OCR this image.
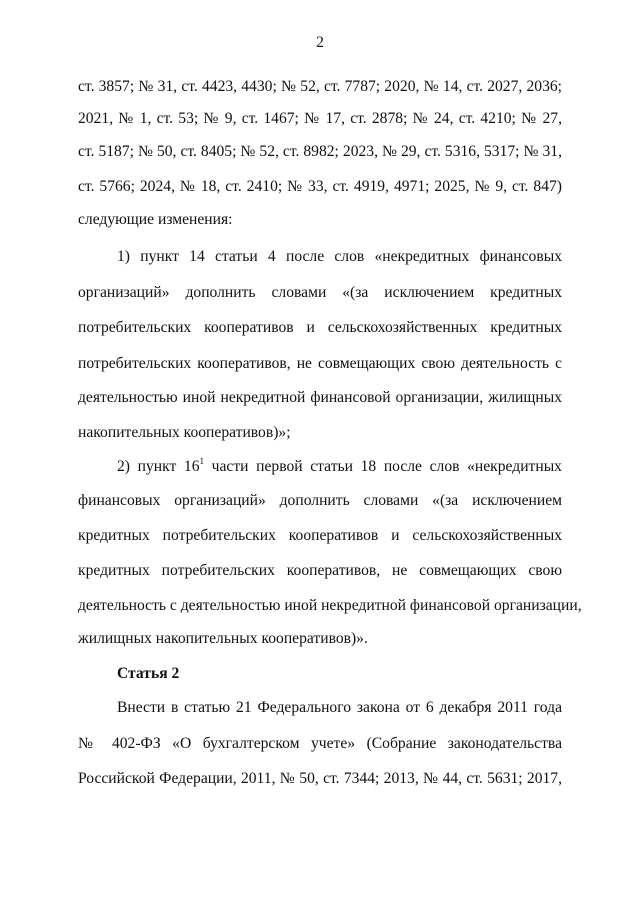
2
ст. 3857; № 31, ст. 4423, 4430; № 52, ст. 7787; 2020, № 14, ст. 2027, 2036;
2021, № 1, ст. 53; № 9, ст. 1467; № 17, ст. 2878; № 24, ст. 4210; № 27,
ст. 5187; № 50, ст. 8405; № 52, ст. 8982; 2023, № 29, ст. 5316, 5317; № 31,
ст. 5766; 2024, № 18, ст. 2410; № 33, ст. 4919, 4971; 2025, № 9, ст. 847)
следующие изменения:
1) пункт 14 статьи 4 после слов «некредитных финансовых
организаций» дополнить словами «(за исключением кредитных
потребительских кооперативов и сельскохозяйственных кредитных
потребительских кооперативов, не совмещающих свою деятельность с
деятельностью иной некредитной финансовой организации, жилищных
накопительных кооперативов)»;
2) пункт $16^1$ части первой статьи 18 после слов «некредитных
финансовых организаций» дополнить словами «(за исключением
кредитных потребительских кооперативов и сельскохозяйственных
кредитных потребительских кооперативов, не совмещающих свою
деятельность с деятельностью иной некредитной финансовой организации,
жилищных накопительных кооперативов)».
Статья 2
Внести в статью 21 Федерального закона от 6 декабря 2011 года
№ 402-ФЗ «О бухгалтерском учете» (Собрание законодательства
Российской Федерации, 2011, № 50, ст. 7344; 2013, № 44, ст. 5631; 2017,
